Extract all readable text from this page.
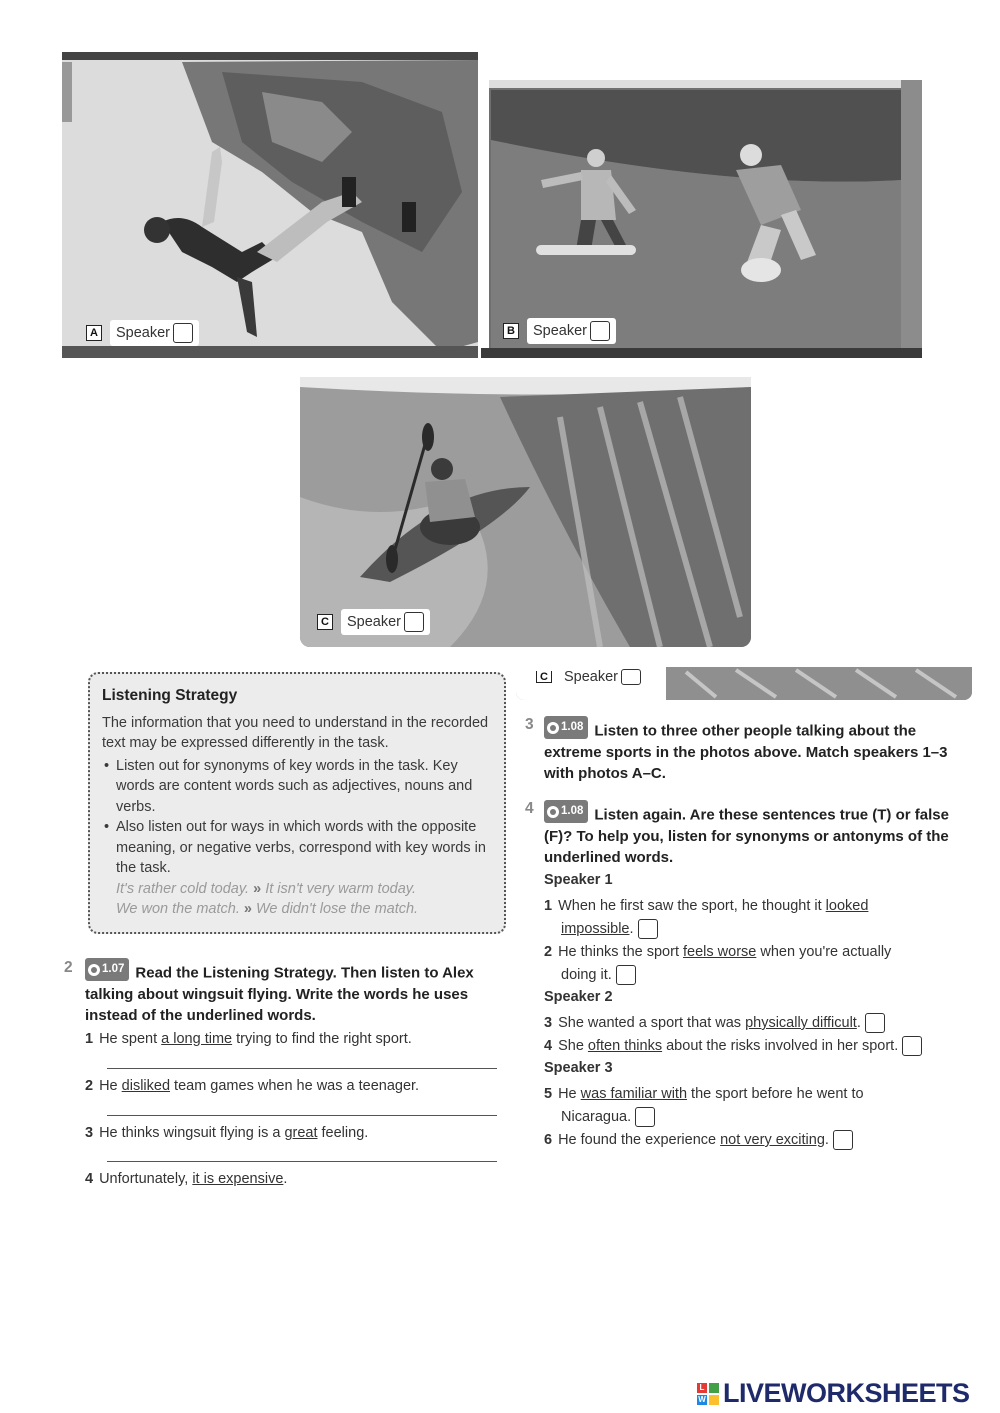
A Speaker	B Speaker
C Speaker
C Speaker
Listening Strategy

The information that you need to understand in the recorded text may be expressed differently in the task.

• Listen out for synonyms of key words in the task. Key words are content words such as adjectives, nouns and verbs.
• Also listen out for ways in which words with the opposite meaning, or negative verbs, correspond with key words in the task.
It's rather cold today. » It isn't very warm today.
We won the match. » We didn't lose the match.
2	1.07 Read the Listening Strategy. Then listen to Alex talking about wingsuit flying. Write the words he uses instead of the underlined words.
1 He spent a long time trying to find the right sport.
2 He disliked team games when he was a teenager.
3 He thinks wingsuit flying is a great feeling.
4 Unfortunately, it is expensive.
3 1.08 Listen to three other people talking about the extreme sports in the photos above. Match speakers 1–3 with photos A–C.
4 1.08 Listen again. Are these sentences true (T) or false (F)? To help you, listen for synonyms or antonyms of the underlined words.
Speaker 1
1 When he first saw the sport, he thought it looked
impossible.
2 He thinks the sport feels worse when you're actually
doing it.
Speaker 2
3 She wanted a sport that was physically difficult.
4 She often thinks about the risks involved in her sport.
Speaker 3
5 He was familiar with the sport before he went to
Nicaragua.
6 He found the experience not very exciting.
L
W LIVEWORKSHEETS
